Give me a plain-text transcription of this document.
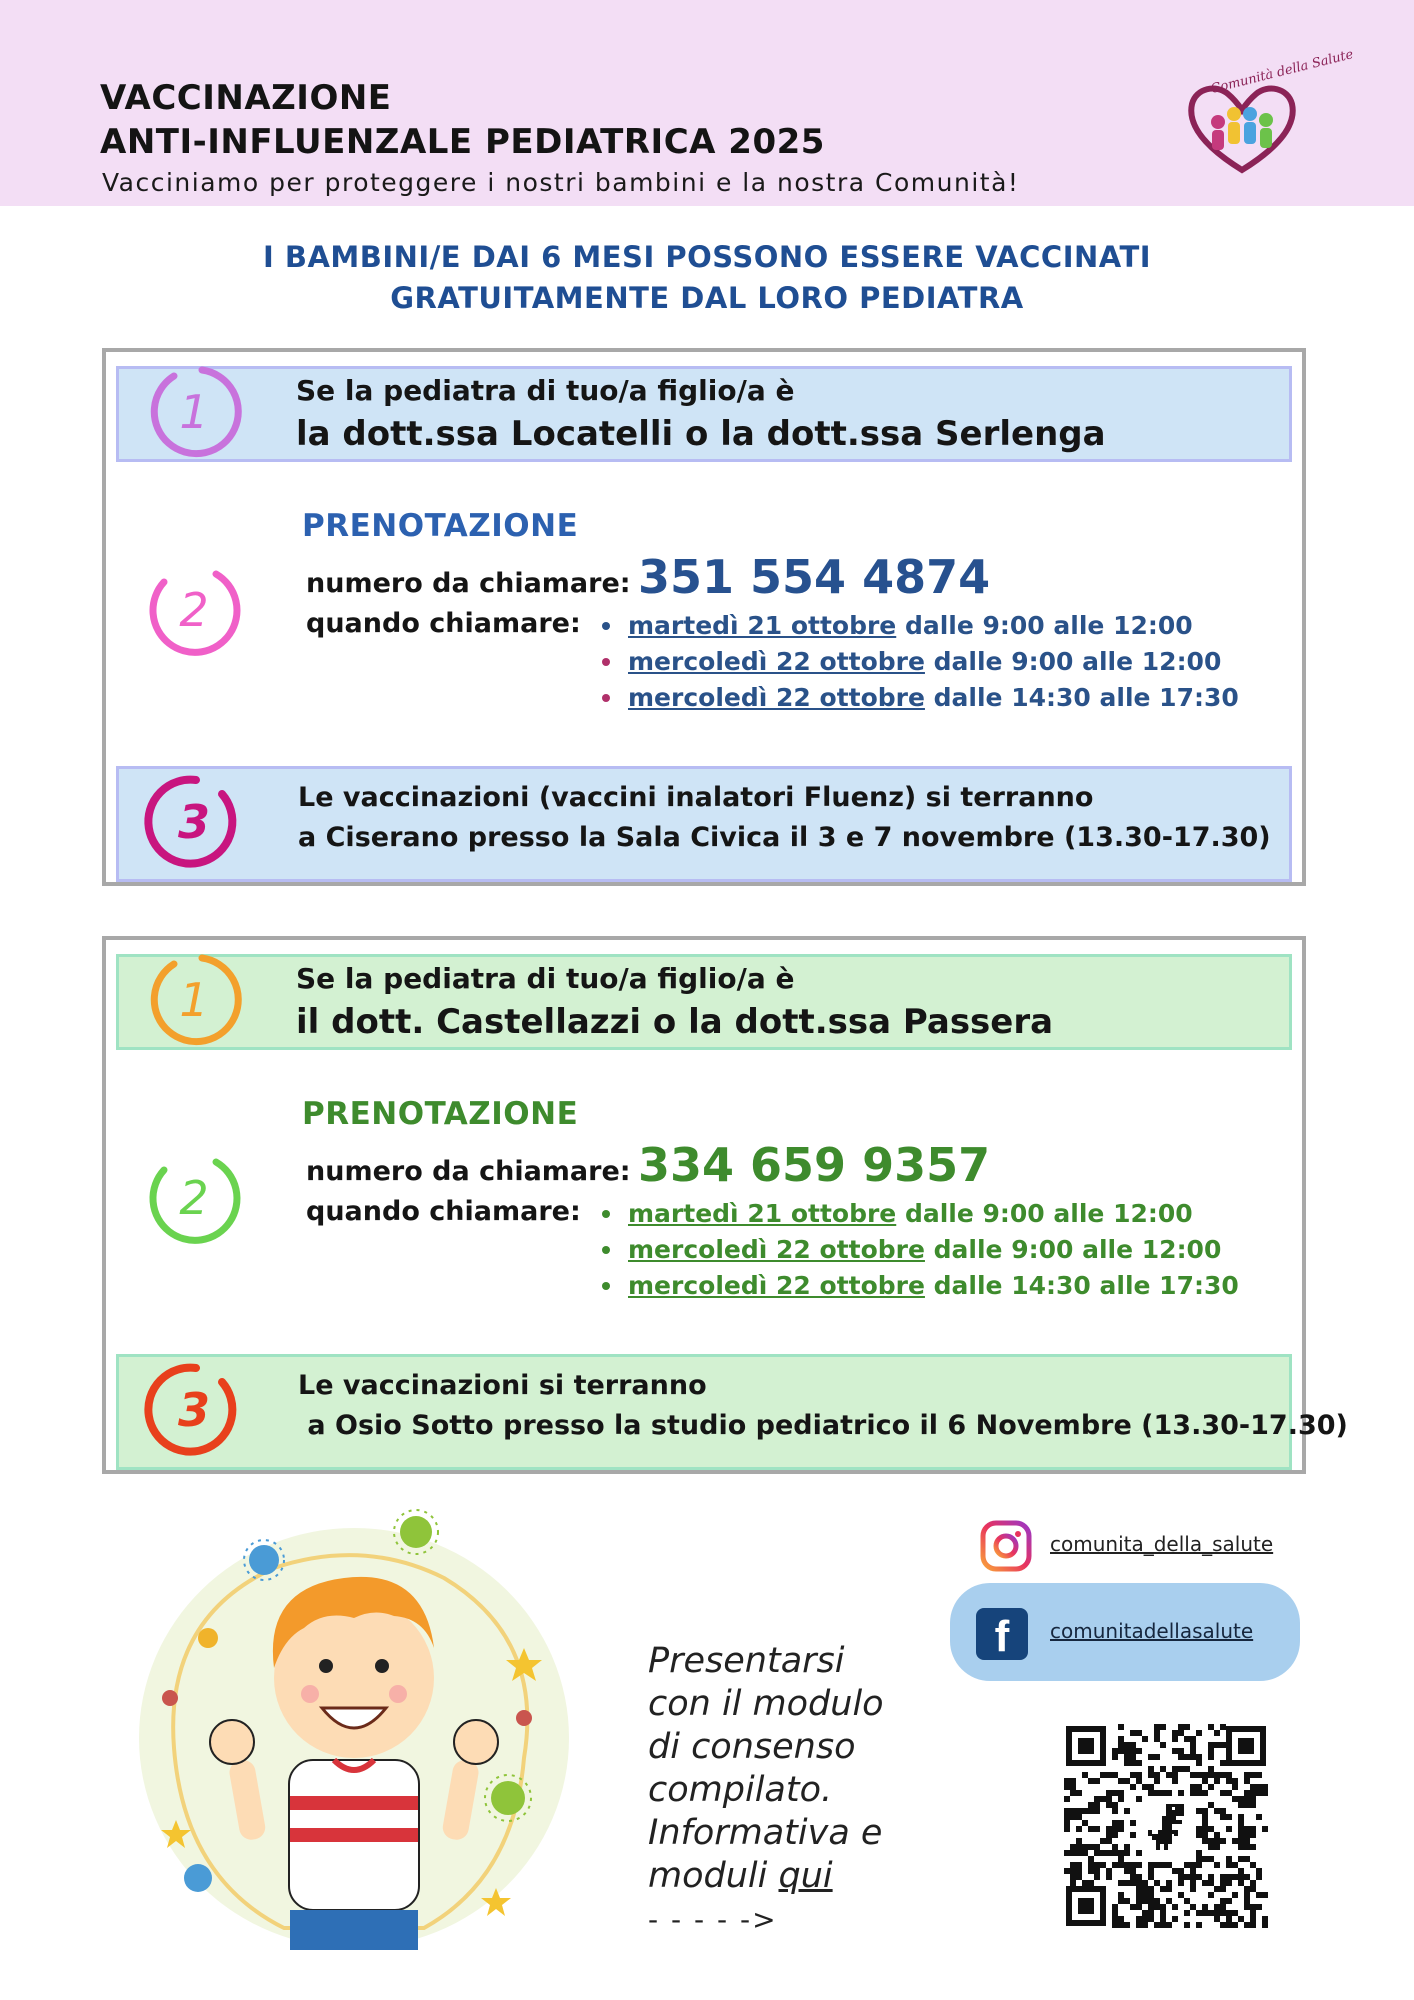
VACCINAZIONE
ANTI-INFLUENZALE PEDIATRICA 2025
Vacciniamo per proteggere i nostri bambini e la nostra Comunità!
Comunità della Salute
I BAMBINI/E DAI 6 MESI POSSONO ESSERE VACCINATI
GRATUITAMENTE DAL LORO PEDIATRA
1	Se la pediatra di tuo/a figlio/a è
la dott.ssa Locatelli o la dott.ssa Serlenga
PRENOTAZIONE
2	numero da chiamare: 351 554 4874
quando chiamare:	martedì 21 ottobre dalle 9:00 alle 12:00
mercoledì 22 ottobre dalle 9:00 alle 12:00
mercoledì 22 ottobre dalle 14:30 alle 17:30
3	Le vaccinazioni (vaccini inalatori Fluenz) si terranno
a Ciserano presso la Sala Civica il 3 e 7 novembre (13.30-17.30)
1	Se la pediatra di tuo/a figlio/a è
il dott. Castellazzi o la dott.ssa Passera
PRENOTAZIONE
2	numero da chiamare: 334 659 9357
quando chiamare:	martedì 21 ottobre dalle 9:00 alle 12:00
mercoledì 22 ottobre dalle 9:00 alle 12:00
mercoledì 22 ottobre dalle 14:30 alle 17:30
3	Le vaccinazioni si terranno
a Osio Sotto presso la studio pediatrico il 6 Novembre (13.30-17.30)
Presentarsi
con il modulo
di consenso
compilato.
Informativa e
moduli qui
- - - - ->
comunita_della_salute
f	comunitadellasalute
